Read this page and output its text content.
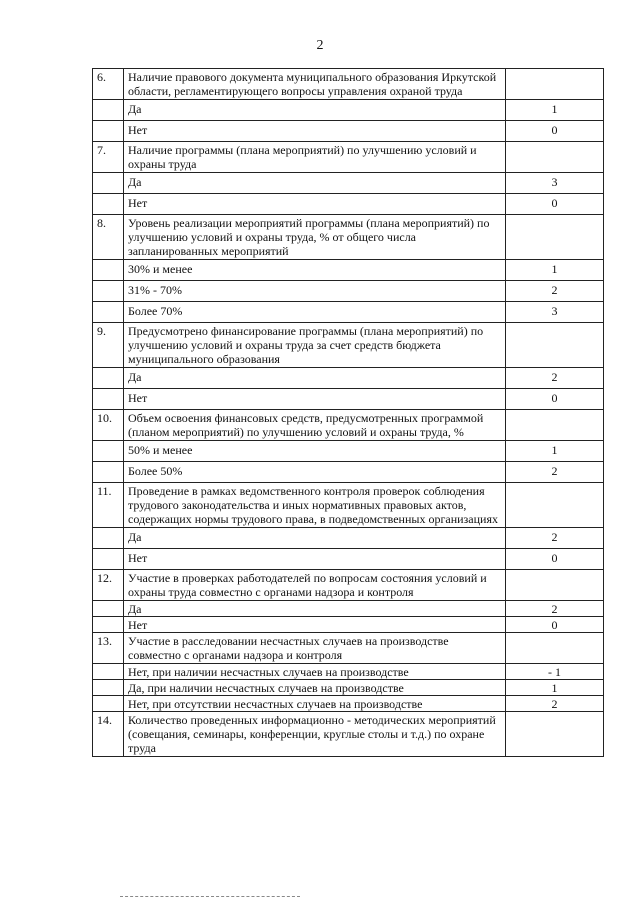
2
6.	Наличие правового документа муниципального образования Иркутской области, регламентирующего вопросы управления охраной труда	
	Да	1
	Нет	0
7.	Наличие программы (плана мероприятий) по улучшению условий и охраны труда	
	Да	3
	Нет	0
8.	Уровень реализации мероприятий программы (плана мероприятий) по улучшению условий и охраны труда, % от общего числа запланированных мероприятий	
	30% и менее	1
	31% - 70%	2
	Более 70%	3
9.	Предусмотрено финансирование программы (плана мероприятий) по улучшению условий и охраны труда за счет средств бюджета муниципального образования	
	Да	2
	Нет	0
10.	Объем освоения финансовых средств, предусмотренных программой (планом мероприятий) по улучшению условий и охраны труда, %	
	50% и менее	1
	Более 50%	2
11.	Проведение в рамках ведомственного контроля проверок соблюдения трудового законодательства и иных нормативных правовых актов, содержащих нормы трудового права, в подведомственных организациях	
	Да	2
	Нет	0
12.	Участие в проверках работодателей по вопросам состояния условий и охраны труда совместно с органами надзора и контроля	
	Да	2
	Нет	0
13.	Участие в расследовании несчастных случаев на производстве совместно с органами надзора и контроля	
	Нет, при наличии несчастных случаев на производстве	- 1
	Да, при наличии несчастных случаев на производстве	1
	Нет, при отсутствии несчастных случаев на производстве	2
14.	Количество проведенных информационно - методических мероприятий (совещания, семинары, конференции, круглые столы и т.д.) по охране труда	
